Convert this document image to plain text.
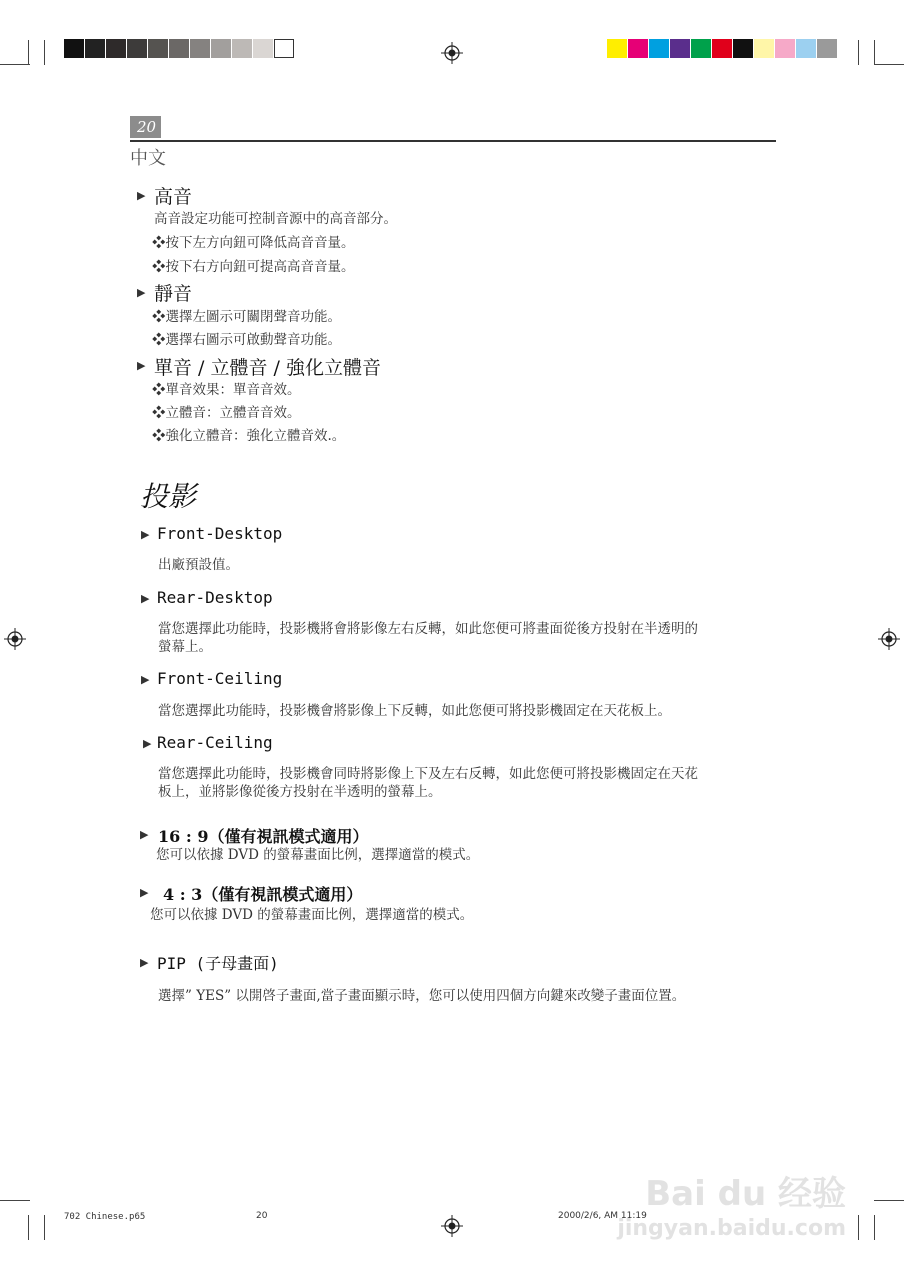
20
中文
▶ 高音
高音設定功能可控制音源中的高音部分。
❖按下左方向鈕可降低高音音量。
❖按下右方向鈕可提高高音音量。
▶ 靜音
❖選擇左圖示可關閉聲音功能。
❖選擇右圖示可啟動聲音功能。
▶ 單音 / 立體音 / 強化立體音
❖單音效果：單音音效。
❖立體音：立體音音效。
❖強化立體音：強化立體音效.。
投影
▶ Front-Desktop
出廠預設值。
▶ Rear-Desktop
當您選擇此功能時，投影機將會將影像左右反轉，如此您便可將畫面從後方投射在半透明的
螢幕上。
▶ Front-Ceiling
當您選擇此功能時，投影機會將影像上下反轉，如此您便可將投影機固定在天花板上。
▶ Rear-Ceiling
當您選擇此功能時，投影機會同時將影像上下及左右反轉，如此您便可將投影機固定在天花
板上，並將影像從後方投射在半透明的螢幕上。
▶ 16 : 9（僅有視訊模式適用）
您可以依據 DVD 的螢幕畫面比例，選擇適當的模式。
▶ 4 : 3（僅有視訊模式適用）
您可以依據 DVD 的螢幕畫面比例，選擇適當的模式。
▶ PIP (子母畫面)
選擇” YES” 以開啓子畫面,當子畫面顯示時，您可以使用四個方向鍵來改變子畫面位置。
702 Chinese.p65	20	2000/2/6, AM 11:19
Bai du 经验
jingyan.baidu.com
